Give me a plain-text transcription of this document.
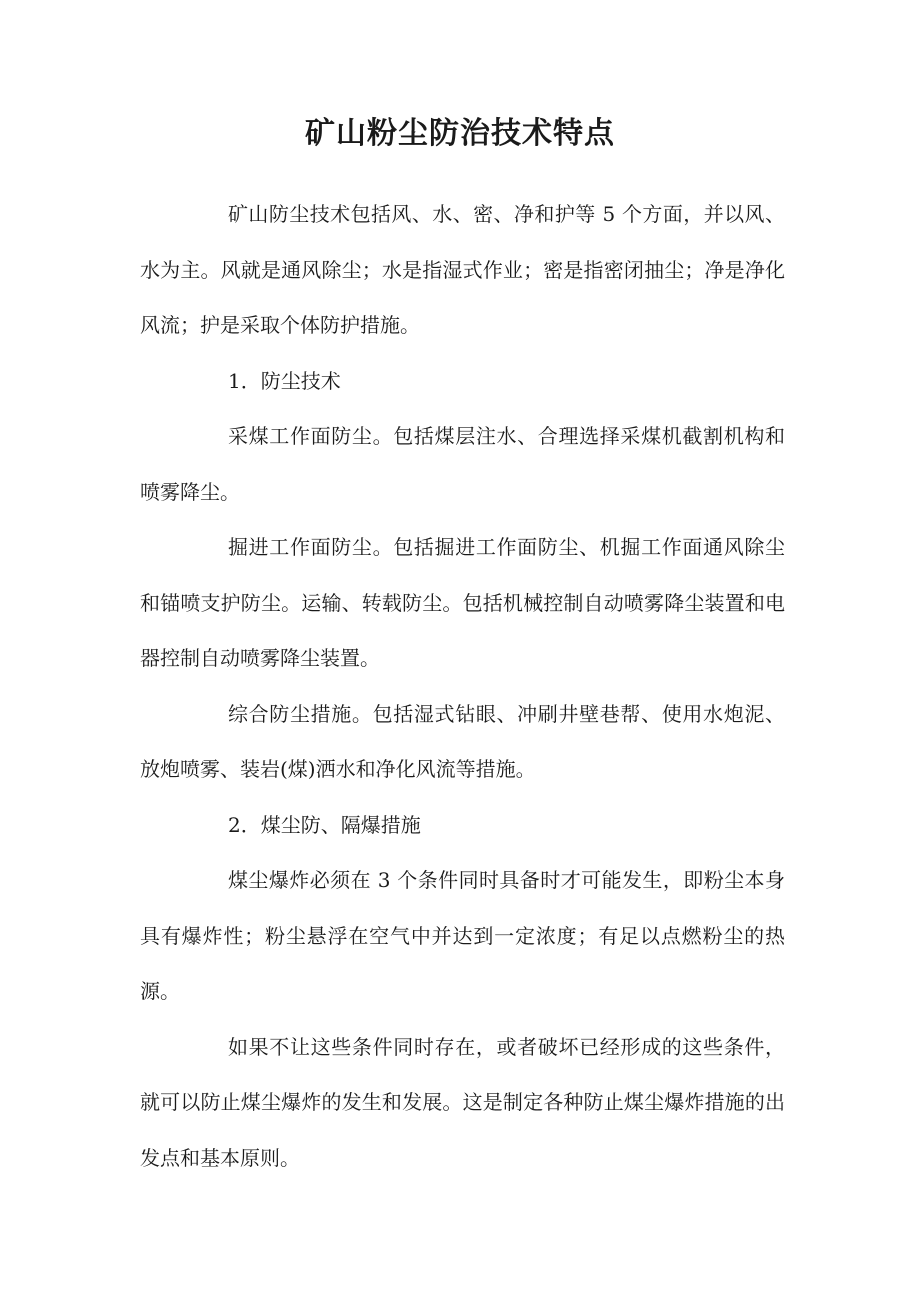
矿山粉尘防治技术特点

矿山防尘技术包括风、水、密、净和护等 5 个方面，并以风、水为主。风就是通风除尘；水是指湿式作业；密是指密闭抽尘；净是净化风流；护是采取个体防护措施。

1．防尘技术

采煤工作面防尘。包括煤层注水、合理选择采煤机截割机构和喷雾降尘。

掘进工作面防尘。包括掘进工作面防尘、机掘工作面通风除尘和锚喷支护防尘。运输、转载防尘。包括机械控制自动喷雾降尘装置和电器控制自动喷雾降尘装置。

综合防尘措施。包括湿式钻眼、冲刷井壁巷帮、使用水炮泥、放炮喷雾、装岩(煤)洒水和净化风流等措施。

2．煤尘防、隔爆措施

煤尘爆炸必须在 3 个条件同时具备时才可能发生，即粉尘本身具有爆炸性；粉尘悬浮在空气中并达到一定浓度；有足以点燃粉尘的热源。

如果不让这些条件同时存在，或者破坏已经形成的这些条件，就可以防止煤尘爆炸的发生和发展。这是制定各种防止煤尘爆炸措施的出发点和基本原则。
